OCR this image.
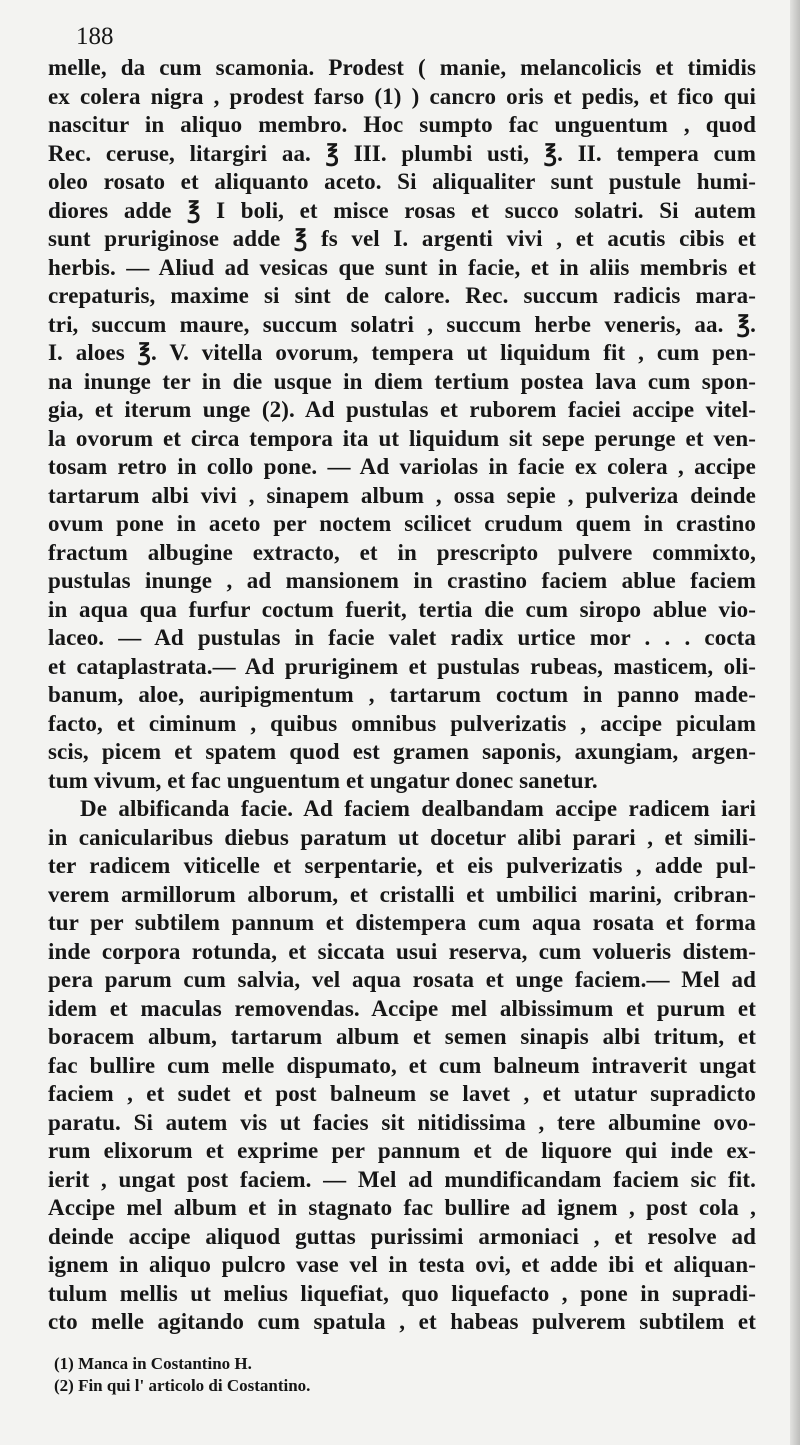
188
melle, da cum scamonia. Prodest ( manie, melancolicis et timidis
ex colera nigra , prodest farso (1) ) cancro oris et pedis, et fico qui
nascitur in aliquo membro. Hoc sumpto fac unguentum , quod
Rec. ceruse, litargiri aa. ℥ III. plumbi usti, ℥. II. tempera cum
oleo rosato et aliquanto aceto. Si aliqualiter sunt pustule humi-
diores adde ℥ I boli, et misce rosas et succo solatri. Si autem
sunt pruriginose adde ℥ fs vel I. argenti vivi , et acutis cibis et
herbis. — Aliud ad vesicas que sunt in facie, et in aliis membris et
crepaturis, maxime si sint de calore. Rec. succum radicis mara-
tri, succum maure, succum solatri , succum herbe veneris, aa. ℥.
I. aloes ℥. V. vitella ovorum, tempera ut liquidum fit , cum pen-
na inunge ter in die usque in diem tertium postea lava cum spon-
gia, et iterum unge (2). Ad pustulas et ruborem faciei accipe vitel-
la ovorum et circa tempora ita ut liquidum sit sepe perunge et ven-
tosam retro in collo pone. — Ad variolas in facie ex colera , accipe
tartarum albi vivi , sinapem album , ossa sepie , pulveriza deinde
ovum pone in aceto per noctem scilicet crudum quem in crastino
fractum albugine extracto, et in prescripto pulvere commixto,
pustulas inunge , ad mansionem in crastino faciem ablue faciem
in aqua qua furfur coctum fuerit, tertia die cum siropo ablue vio-
laceo. — Ad pustulas in facie valet radix urtice mor . . . cocta
et cataplastrata.— Ad pruriginem et pustulas rubeas, masticem, oli-
banum, aloe, auripigmentum , tartarum coctum in panno made-
facto, et ciminum , quibus omnibus pulverizatis , accipe piculam
scis, picem et spatem quod est gramen saponis, axungiam, argen-
tum vivum, et fac unguentum et ungatur donec sanetur.
De albificanda facie. Ad faciem dealbandam accipe radicem iari
in canicularibus diebus paratum ut docetur alibi parari , et simili-
ter radicem viticelle et serpentarie, et eis pulverizatis , adde pul-
verem armillorum alborum, et cristalli et umbilici marini, cribran-
tur per subtilem pannum et distempera cum aqua rosata et forma
inde corpora rotunda, et siccata usui reserva, cum volueris distem-
pera parum cum salvia, vel aqua rosata et unge faciem.— Mel ad
idem et maculas removendas. Accipe mel albissimum et purum et
boracem album, tartarum album et semen sinapis albi tritum, et
fac bullire cum melle dispumato, et cum balneum intraverit ungat
faciem , et sudet et post balneum se lavet , et utatur supradicto
paratu. Si autem vis ut facies sit nitidissima , tere albumine ovo-
rum elixorum et exprime per pannum et de liquore qui inde ex-
ierit , ungat post faciem. — Mel ad mundificandam faciem sic fit.
Accipe mel album et in stagnato fac bullire ad ignem , post cola ,
deinde accipe aliquod guttas purissimi armoniaci , et resolve ad
ignem in aliquo pulcro vase vel in testa ovi, et adde ibi et aliquan-
tulum mellis ut melius liquefiat, quo liquefacto , pone in supradi-
cto melle agitando cum spatula , et habeas pulverem subtilem et
(1) Manca in Costantino H.
(2) Fin qui l' articolo di Costantino.
